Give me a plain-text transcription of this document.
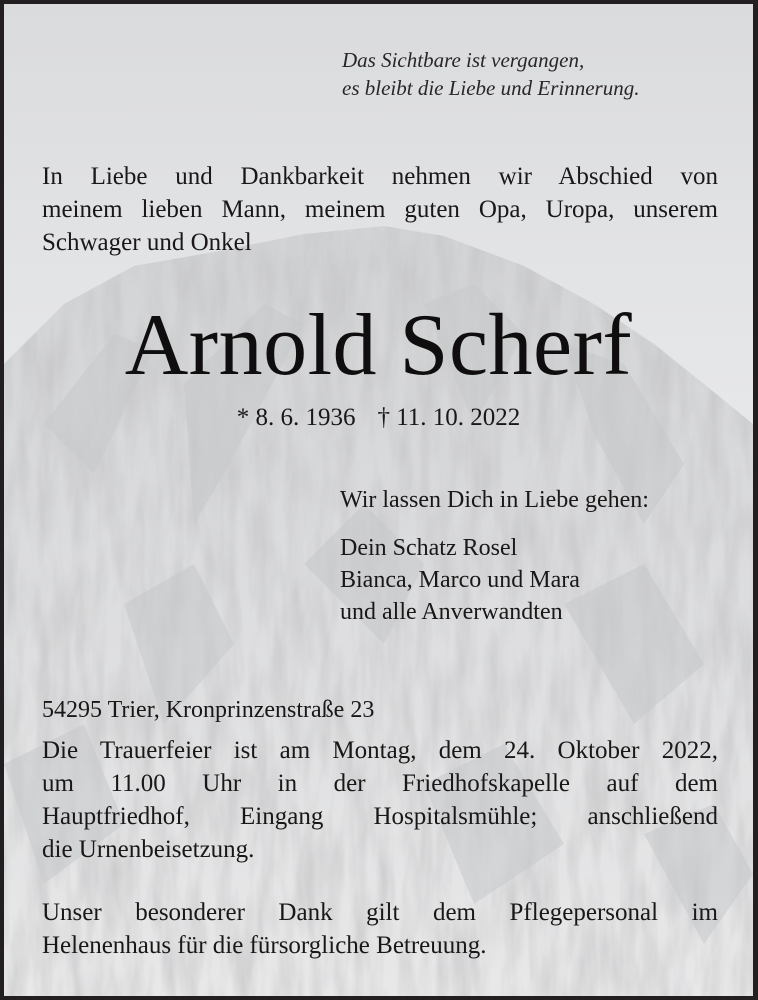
Das Sichtbare ist vergangen,
es bleibt die Liebe und Erinnerung.
In Liebe und Dankbarkeit nehmen wir Abschied von
meinem lieben Mann, meinem guten Opa, Uropa, unserem
Schwager und Onkel
Arnold Scherf
* 8. 6. 1936 † 11. 10. 2022
Wir lassen Dich in Liebe gehen:
Dein Schatz Rosel
Bianca, Marco und Mara
und alle Anverwandten
54295 Trier, Kronprinzenstraße 23
Die Trauerfeier ist am Montag, dem 24. Oktober 2022,
um 11.00 Uhr in der Friedhofskapelle auf dem
Hauptfriedhof, Eingang Hospitalsmühle; anschließend
die Urnenbeisetzung.
Unser besonderer Dank gilt dem Pflegepersonal im
Helenenhaus für die fürsorgliche Betreuung.
